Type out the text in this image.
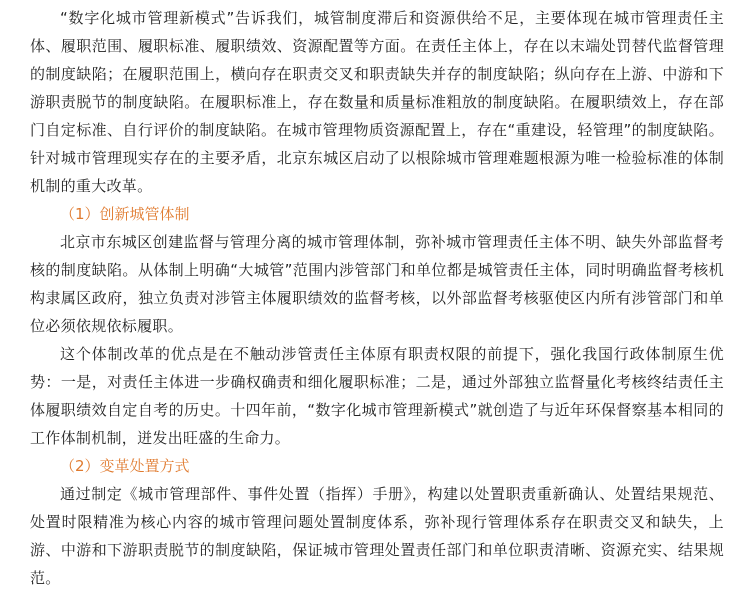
“数字化城市管理新模式”告诉我们，城管制度滞后和资源供给不足，主要体现在城市管理责任主体、履职范围、履职标准、履职绩效、资源配置等方面。在责任主体上，存在以末端处罚替代监督管理的制度缺陷；在履职范围上，横向存在职责交叉和职责缺失并存的制度缺陷；纵向存在上游、中游和下游职责脱节的制度缺陷。在履职标准上，存在数量和质量标准粗放的制度缺陷。在履职绩效上，存在部门自定标准、自行评价的制度缺陷。在城市管理物质资源配置上，存在“重建设，轻管理”的制度缺陷。针对城市管理现实存在的主要矛盾，北京东城区启动了以根除城市管理难题根源为唯一检验标准的体制机制的重大改革。

（1）创新城管体制

北京市东城区创建监督与管理分离的城市管理体制，弥补城市管理责任主体不明、缺失外部监督考核的制度缺陷。从体制上明确“大城管”范围内涉管部门和单位都是城管责任主体，同时明确监督考核机构隶属区政府，独立负责对涉管主体履职绩效的监督考核，以外部监督考核驱使区内所有涉管部门和单位必须依规依标履职。

这个体制改革的优点是在不触动涉管责任主体原有职责权限的前提下，强化我国行政体制原生优势：一是，对责任主体进一步确权确责和细化履职标准；二是，通过外部独立监督量化考核终结责任主体履职绩效自定自考的历史。十四年前，“数字化城市管理新模式”就创造了与近年环保督察基本相同的工作体制机制，迸发出旺盛的生命力。

（2）变革处置方式

通过制定《城市管理部件、事件处置（指挥）手册》，构建以处置职责重新确认、处置结果规范、处置时限精准为核心内容的城市管理问题处置制度体系，弥补现行管理体系存在职责交叉和缺失，上游、中游和下游职责脱节的制度缺陷，保证城市管理处置责任部门和单位职责清晰、资源充实、结果规范。
